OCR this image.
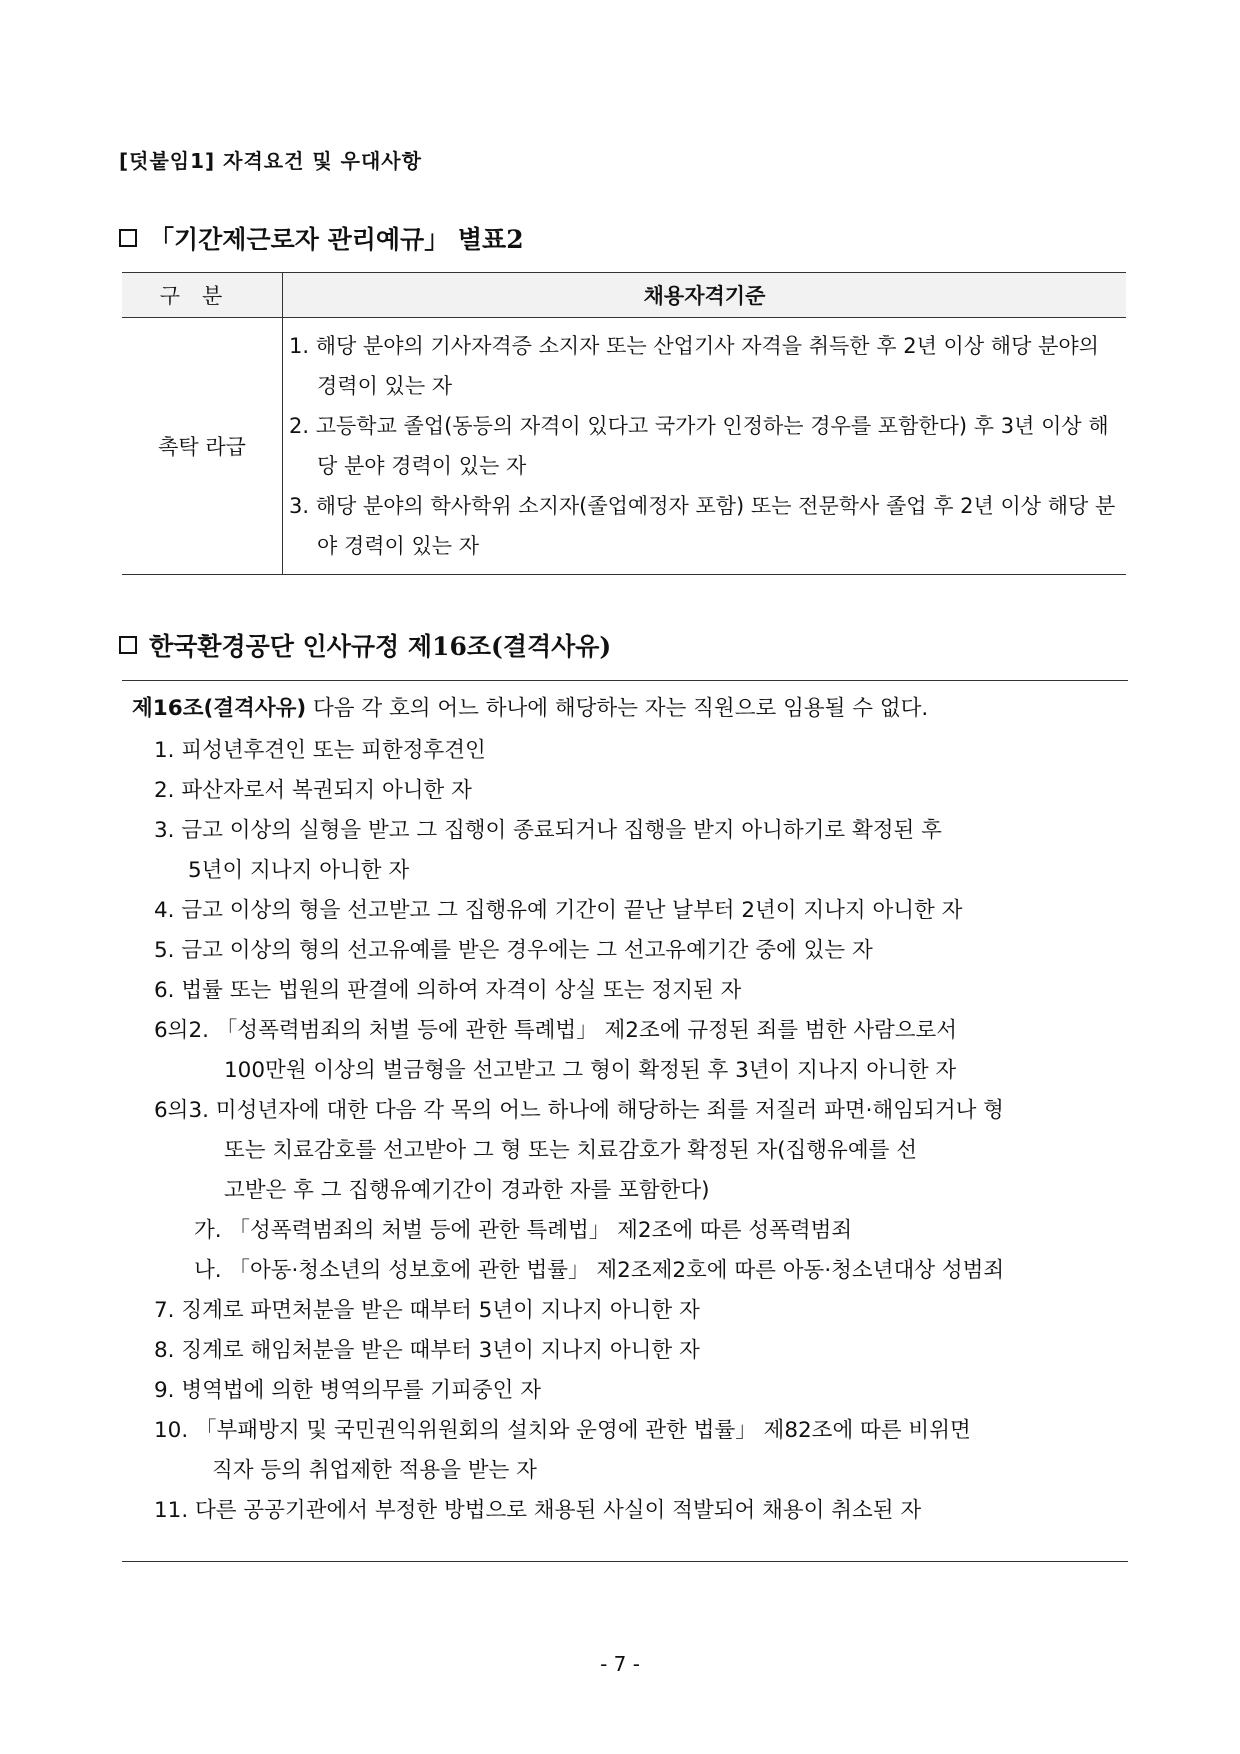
[덧붙임1] 자격요건 및 우대사항
「기간제근로자 관리예규」 별표2
구분	채용자격기준
촉탁 라급	1. 해당 분야의 기사자격증 소지자 또는 산업기사 자격을 취득한 후 2년 이상 해당 분야의 경력이 있는 자
2. 고등학교 졸업(동등의 자격이 있다고 국가가 인정하는 경우를 포함한다) 후 3년 이상 해당 분야 경력이 있는 자
3. 해당 분야의 학사학위 소지자(졸업예정자 포함) 또는 전문학사 졸업 후 2년 이상 해당 분야 경력이 있는 자
한국환경공단 인사규정 제16조(결격사유)
제16조(결격사유) 다음 각 호의 어느 하나에 해당하는 자는 직원으로 임용될 수 없다.
1. 피성년후견인 또는 피한정후견인
2. 파산자로서 복권되지 아니한 자
3. 금고 이상의 실형을 받고 그 집행이 종료되거나 집행을 받지 아니하기로 확정된 후
5년이 지나지 아니한 자
4. 금고 이상의 형을 선고받고 그 집행유예 기간이 끝난 날부터 2년이 지나지 아니한 자
5. 금고 이상의 형의 선고유예를 받은 경우에는 그 선고유예기간 중에 있는 자
6. 법률 또는 법원의 판결에 의하여 자격이 상실 또는 정지된 자
6의2. 「성폭력범죄의 처벌 등에 관한 특례법」 제2조에 규정된 죄를 범한 사람으로서
100만원 이상의 벌금형을 선고받고 그 형이 확정된 후 3년이 지나지 아니한 자
6의3. 미성년자에 대한 다음 각 목의 어느 하나에 해당하는 죄를 저질러 파면·해임되거나 형
또는 치료감호를 선고받아 그 형 또는 치료감호가 확정된 자(집행유예를 선
고받은 후 그 집행유예기간이 경과한 자를 포함한다)
가. 「성폭력범죄의 처벌 등에 관한 특례법」 제2조에 따른 성폭력범죄
나. 「아동·청소년의 성보호에 관한 법률」 제2조제2호에 따른 아동·청소년대상 성범죄
7. 징계로 파면처분을 받은 때부터 5년이 지나지 아니한 자
8. 징계로 해임처분을 받은 때부터 3년이 지나지 아니한 자
9. 병역법에 의한 병역의무를 기피중인 자
10. 「부패방지 및 국민권익위원회의 설치와 운영에 관한 법률」 제82조에 따른 비위면
직자 등의 취업제한 적용을 받는 자
11. 다른 공공기관에서 부정한 방법으로 채용된 사실이 적발되어 채용이 취소된 자
- 7 -
